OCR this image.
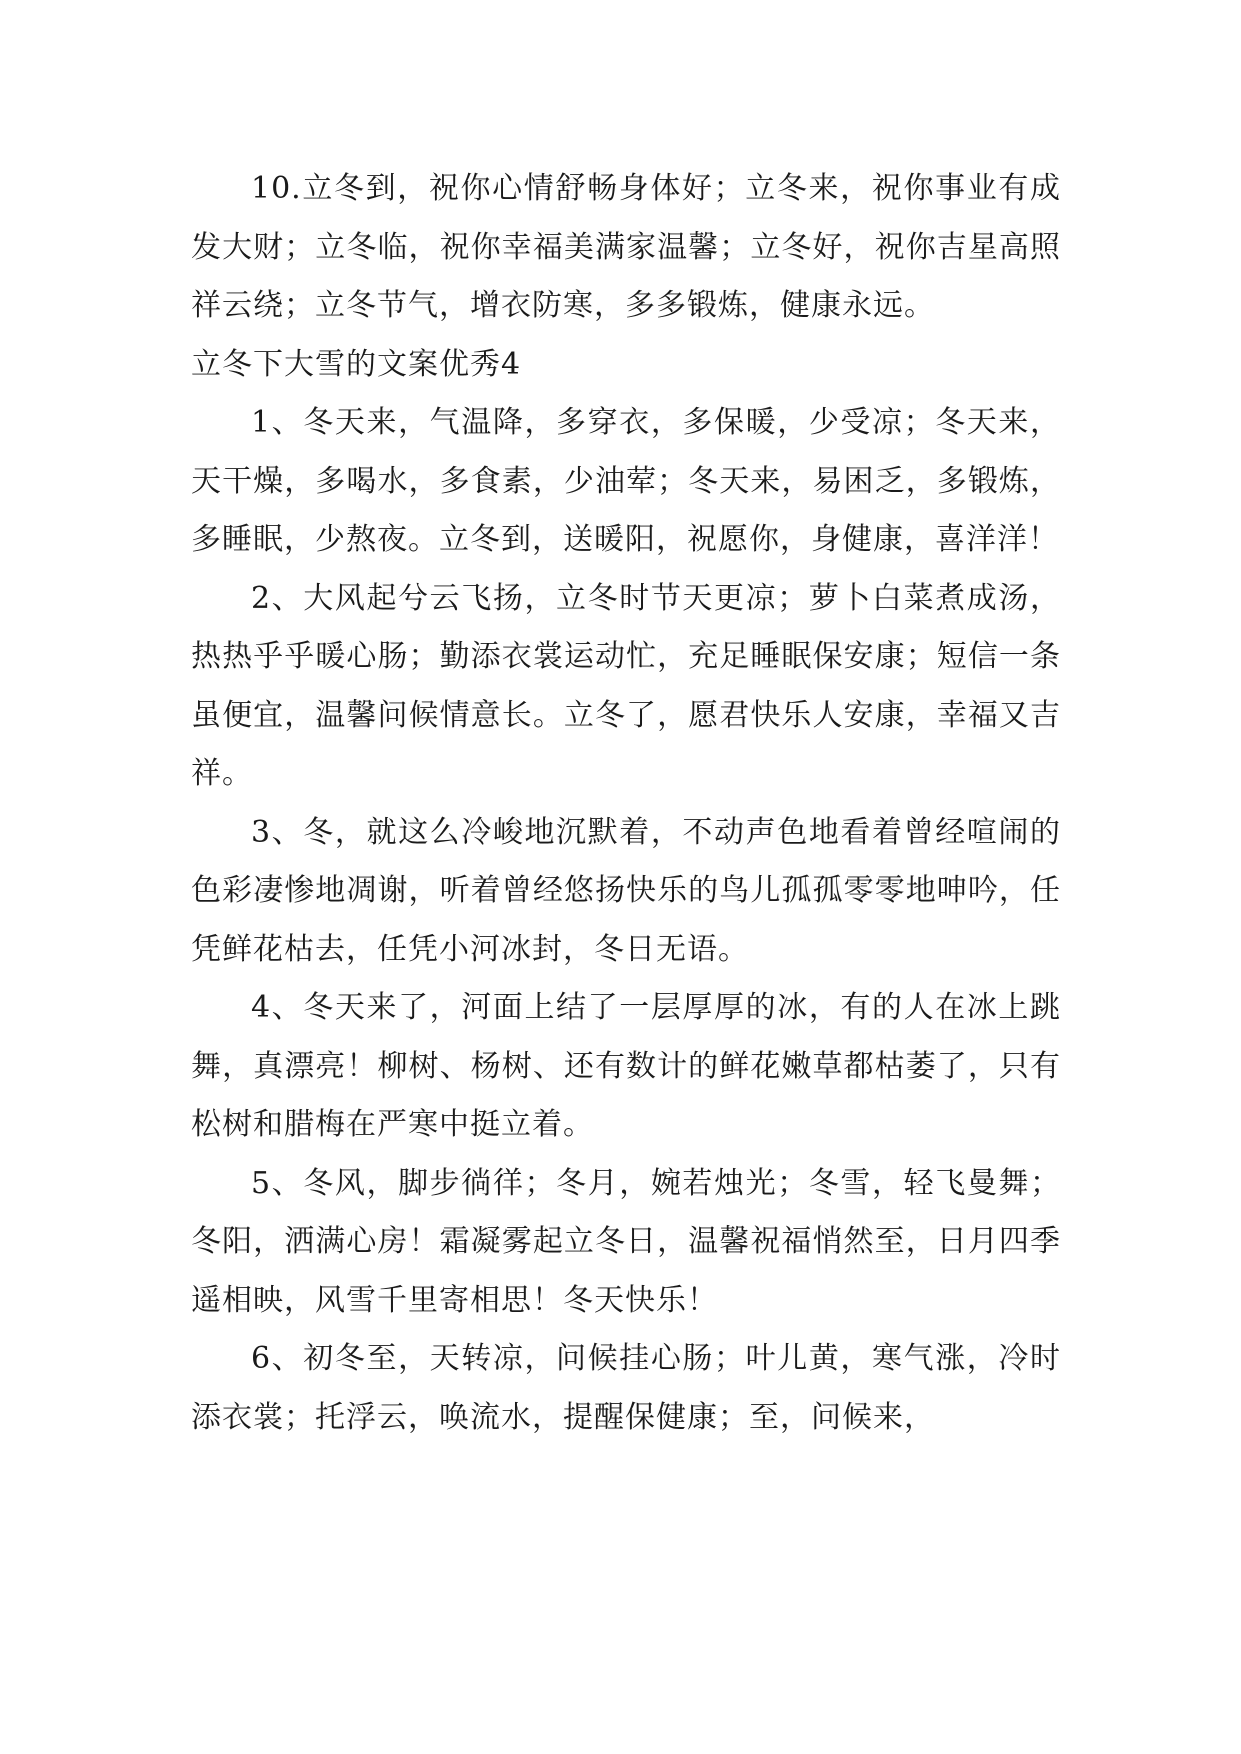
10.立冬到，祝你心情舒畅身体好；立冬来，祝你事业有成发大财；立冬临，祝你幸福美满家温馨；立冬好，祝你吉星高照祥云绕；立冬节气，增衣防寒，多多锻炼，健康永远。

立冬下大雪的文案优秀4

1、冬天来，气温降，多穿衣，多保暖，少受凉；冬天来，天干燥，多喝水，多食素，少油荤；冬天来，易困乏，多锻炼，多睡眠，少熬夜。立冬到，送暖阳，祝愿你，身健康，喜洋洋！

2、大风起兮云飞扬，立冬时节天更凉；萝卜白菜煮成汤，热热乎乎暖心肠；勤添衣裳运动忙，充足睡眠保安康；短信一条虽便宜，温馨问候情意长。立冬了，愿君快乐人安康，幸福又吉祥。

3、冬，就这么冷峻地沉默着，不动声色地看着曾经喧闹的色彩凄惨地凋谢，听着曾经悠扬快乐的鸟儿孤孤零零地呻吟，任凭鲜花枯去，任凭小河冰封，冬日无语。

4、冬天来了，河面上结了一层厚厚的冰，有的人在冰上跳舞，真漂亮！柳树、杨树、还有数计的鲜花嫩草都枯萎了，只有松树和腊梅在严寒中挺立着。

5、冬风，脚步徜徉；冬月，婉若烛光；冬雪，轻飞曼舞；冬阳，洒满心房！霜凝雾起立冬日，温馨祝福悄然至，日月四季遥相映，风雪千里寄相思！冬天快乐！

6、初冬至，天转凉，问候挂心肠；叶儿黄，寒气涨，冷时添衣裳；托浮云，唤流水，提醒保健康；至，问候来，
